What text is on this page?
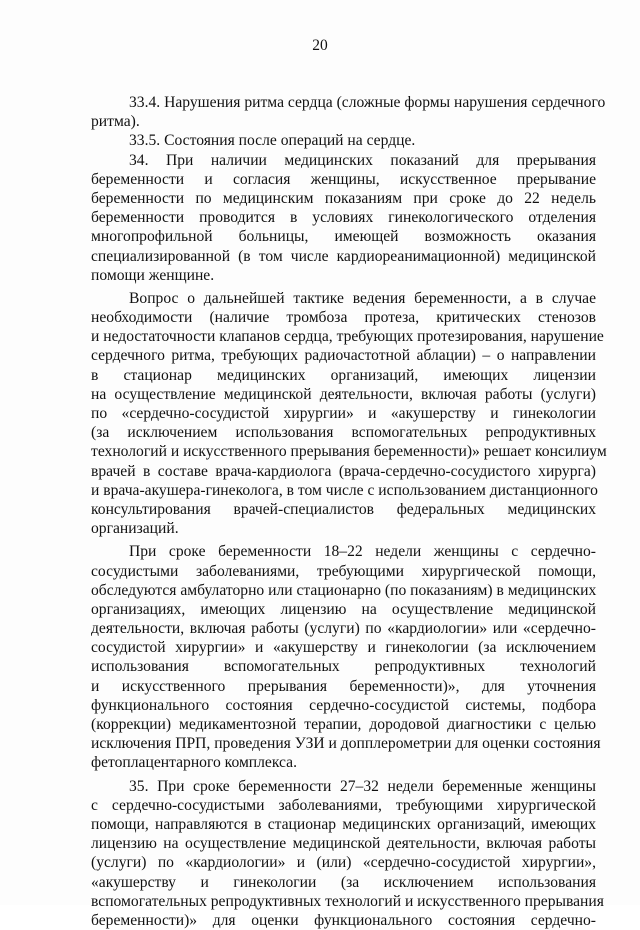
20
33.4. Нарушения ритма сердца (сложные формы нарушения сердечного
ритма).
33.5. Состояния после операций на сердце.
34. При наличии медицинских показаний для прерывания
беременности и согласия женщины, искусственное прерывание
беременности по медицинским показаниям при сроке до 22 недель
беременности проводится в условиях гинекологического отделения
многопрофильной больницы, имеющей возможность оказания
специализированной (в том числе кардиореанимационной) медицинской
помощи женщине.
Вопрос о дальнейшей тактике ведения беременности, а в случае
необходимости (наличие тромбоза протеза, критических стенозов
и недостаточности клапанов сердца, требующих протезирования, нарушение
сердечного ритма, требующих радиочастотной аблации) – о направлении
в стационар медицинских организаций, имеющих лицензии
на осуществление медицинской деятельности, включая работы (услуги)
по «сердечно-сосудистой хирургии» и «акушерству и гинекологии
(за исключением использования вспомогательных репродуктивных
технологий и искусственного прерывания беременности)» решает консилиум
врачей в составе врача-кардиолога (врача-сердечно-сосудистого хирурга)
и врача-акушера-гинеколога, в том числе с использованием дистанционного
консультирования врачей-специалистов федеральных медицинских
организаций.
При сроке беременности 18–22 недели женщины с сердечно-
сосудистыми заболеваниями, требующими хирургической помощи,
обследуются амбулаторно или стационарно (по показаниям) в медицинских
организациях, имеющих лицензию на осуществление медицинской
деятельности, включая работы (услуги) по «кардиологии» или «сердечно-
сосудистой хирургии» и «акушерству и гинекологии (за исключением
использования вспомогательных репродуктивных технологий
и искусственного прерывания беременности)», для уточнения
функционального состояния сердечно-сосудистой системы, подбора
(коррекции) медикаментозной терапии, дородовой диагностики с целью
исключения ПРП, проведения УЗИ и допплерометрии для оценки состояния
фетоплацентарного комплекса.
35. При сроке беременности 27–32 недели беременные женщины
с сердечно-сосудистыми заболеваниями, требующими хирургической
помощи, направляются в стационар медицинских организаций, имеющих
лицензию на осуществление медицинской деятельности, включая работы
(услуги) по «кардиологии» и (или) «сердечно-сосудистой хирургии»,
«акушерству и гинекологии (за исключением использования
вспомогательных репродуктивных технологий и искусственного прерывания
беременности)» для оценки функционального состояния сердечно-
